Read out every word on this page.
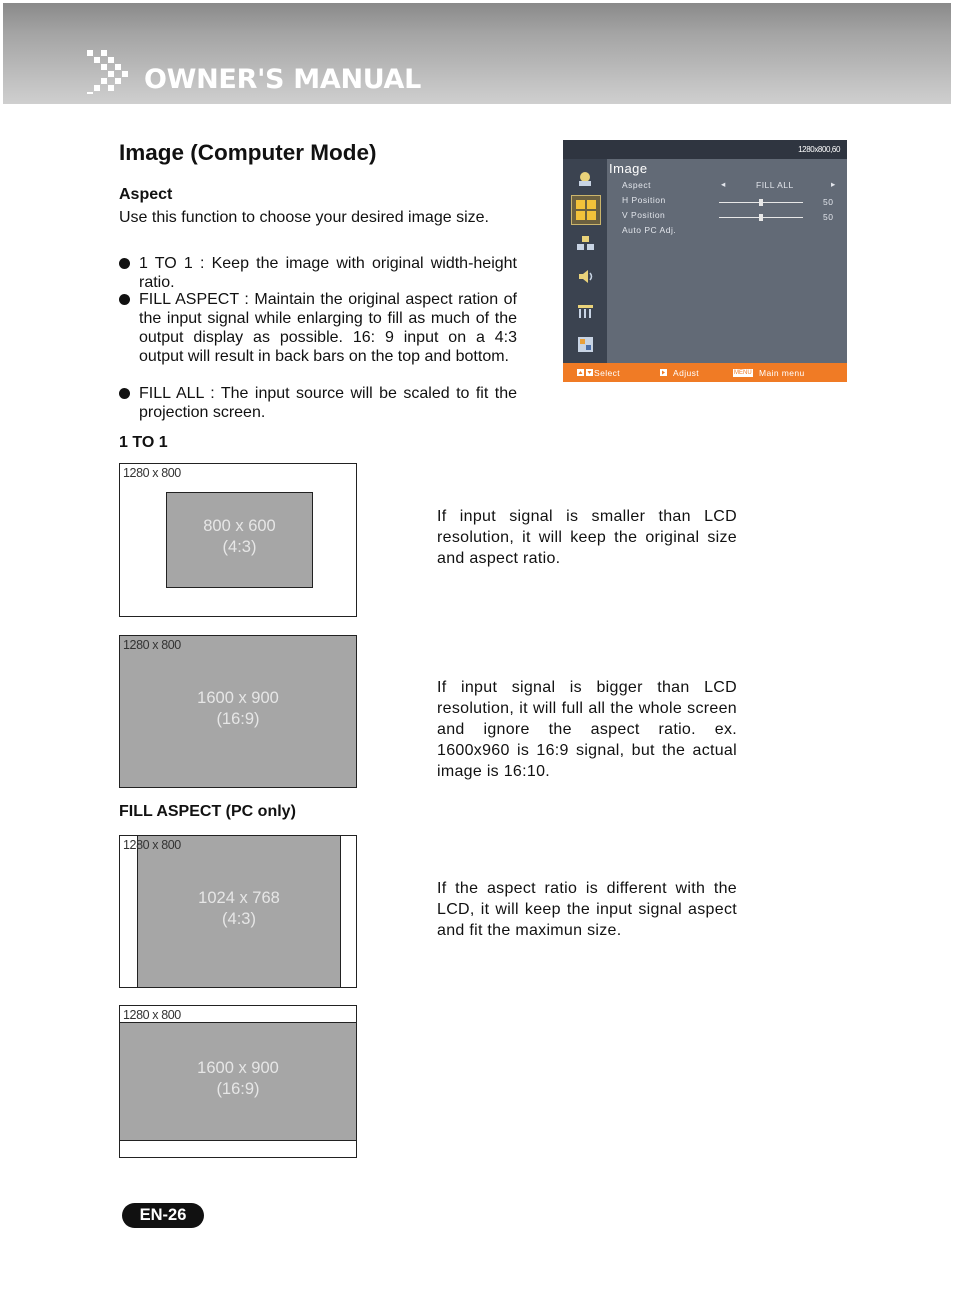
OWNER'S MANUAL
Image (Computer Mode)
Aspect
Use this function to choose your desired image size.
1 TO 1 : Keep the image with original width-height ratio.
FILL ASPECT : Maintain the original aspect ration of the input signal while enlarging to fill as much of the output display as possible. 16: 9 input on a 4:3 output will result in back bars on the top and bottom.
FILL ALL : The input source will be scaled to fit the projection screen.
1280x800,60
Image
Aspect	◂	FILL ALL	▸
H Position	50
V Position	50
Auto PC Adj.
Select	Adjust	MENU Main menu
1 TO 1
1280 x 800
800 x 600
(4:3)
If input signal is smaller than LCD resolution, it will keep the original size and aspect ratio.
1600 x 900
(16:9)
1280 x 800
If input signal is bigger than LCD resolution, it will full all the whole screen and ignore the aspect ratio. ex. 1600x960 is 16:9 signal, but the actual image is 16:10.
FILL ASPECT (PC only)
1024 x 768
(4:3)
1280 x 800
If the aspect ratio is different with the LCD, it will keep the input signal aspect and fit the maximun size.
1280 x 800
1600 x 900
(16:9)
EN-26
